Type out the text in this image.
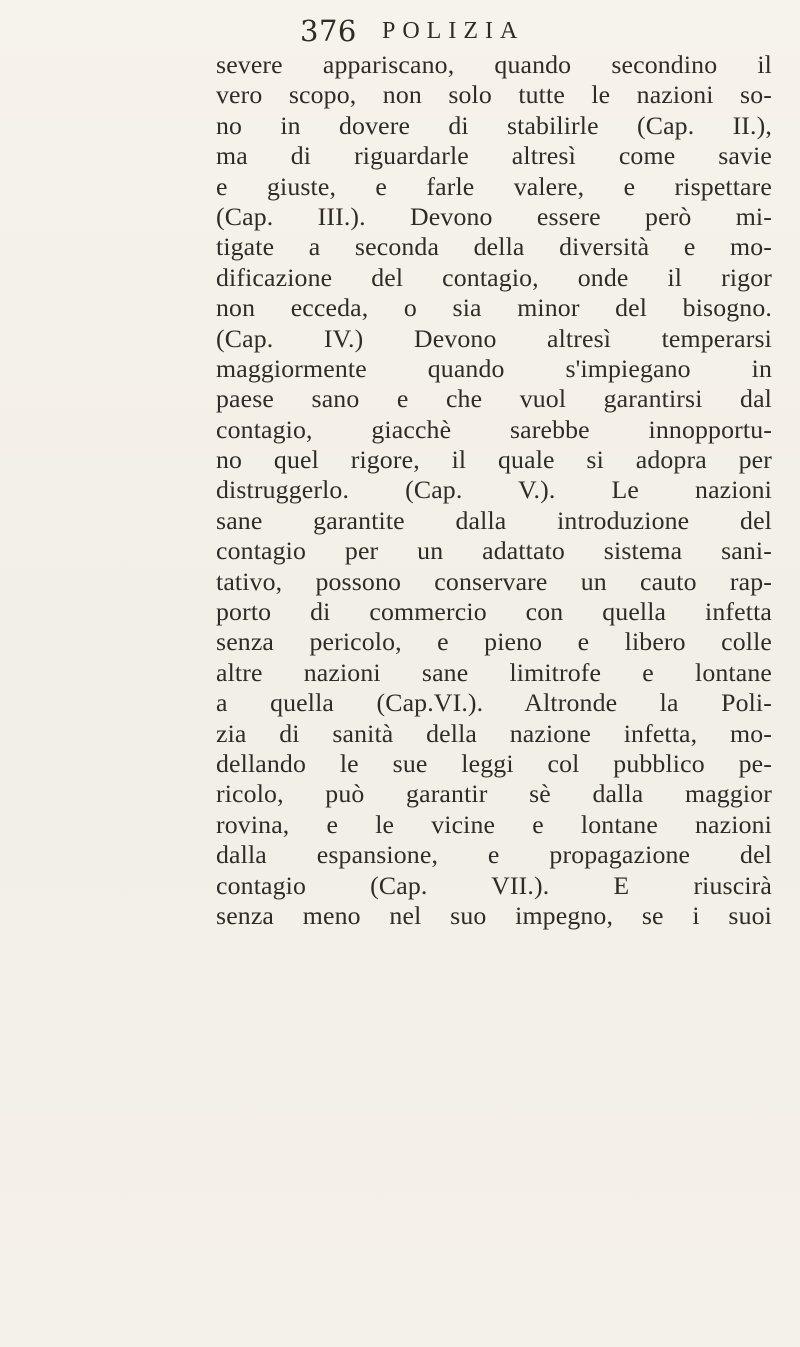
376 POLIZIA
severe appariscano, quando secondino il
vero scopo, non solo tutte le nazioni so-
no in dovere di stabilirle (Cap. II.),
ma di riguardarle altresì come savie
e giuste, e farle valere, e rispettare
(Cap. III.). Devono essere però mi-
tigate a seconda della diversità e mo-
dificazione del contagio, onde il rigor
non ecceda, o sia minor del bisogno.
(Cap. IV.) Devono altresì temperarsi
maggiormente quando s'impiegano in
paese sano e che vuol garantirsi dal
contagio, giacchè sarebbe innopportu-
no quel rigore, il quale si adopra per
distruggerlo. (Cap. V.). Le nazioni
sane garantite dalla introduzione del
contagio per un adattato sistema sani-
tativo, possono conservare un cauto rap-
porto di commercio con quella infetta
senza pericolo, e pieno e libero colle
altre nazioni sane limitrofe e lontane
a quella (Cap.VI.). Altronde la Poli-
zia di sanità della nazione infetta, mo-
dellando le sue leggi col pubblico pe-
ricolo, può garantir sè dalla maggior
rovina, e le vicine e lontane nazioni
dalla espansione, e propagazione del
contagio (Cap. VII.). E riuscirà
senza meno nel suo impegno, se i suoi
